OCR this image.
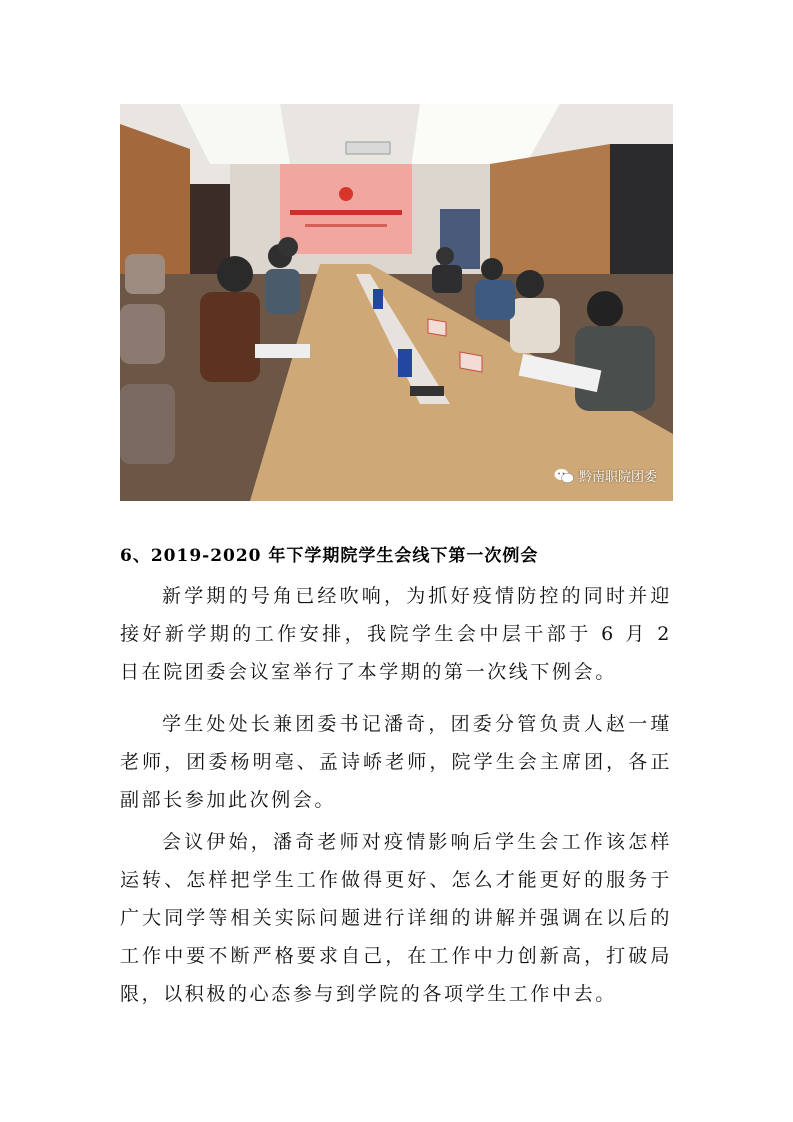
黔南职院团委
6、2019-2020 年下学期院学生会线下第一次例会

新学期的号角已经吹响，为抓好疫情防控的同时并迎接好新学期的工作安排，我院学生会中层干部于 6 月 2 日在院团委会议室举行了本学期的第一次线下例会。

学生处处长兼团委书记潘奇，团委分管负责人赵一瑾老师，团委杨明亳、孟诗峤老师，院学生会主席团，各正副部长参加此次例会。

会议伊始，潘奇老师对疫情影响后学生会工作该怎样运转、怎样把学生工作做得更好、怎么才能更好的服务于广大同学等相关实际问题进行详细的讲解并强调在以后的工作中要不断严格要求自己，在工作中力创新高，打破局限，以积极的心态参与到学院的各项学生工作中去。
